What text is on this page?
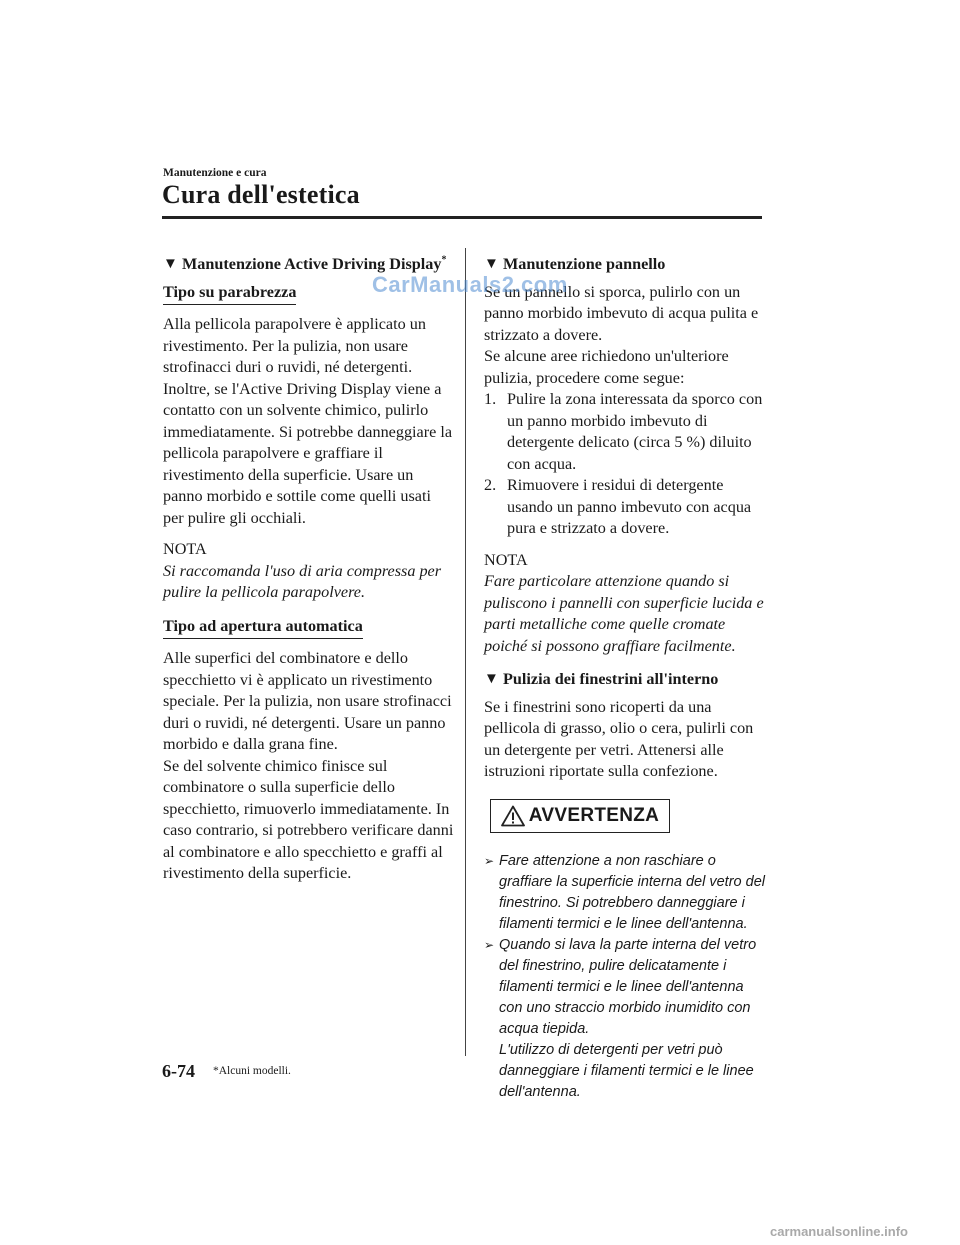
Manutenzione e cura
Cura dell'estetica
▼ Manutenzione Active Driving Display*
Tipo su parabrezza

Alla pellicola parapolvere è applicato un rivestimento. Per la pulizia, non usare strofinacci duri o ruvidi, né detergenti. Inoltre, se l'Active Driving Display viene a contatto con un solvente chimico, pulirlo immediatamente. Si potrebbe danneggiare la pellicola parapolvere e graffiare il rivestimento della superficie. Usare un panno morbido e sottile come quelli usati per pulire gli occhiali.

NOTA

Si raccomanda l'uso di aria compressa per pulire la pellicola parapolvere.

Tipo ad apertura automatica

Alle superfici del combinatore e dello specchietto vi è applicato un rivestimento speciale. Per la pulizia, non usare strofinacci duri o ruvidi, né detergenti. Usare un panno morbido e dalla grana fine.

Se del solvente chimico finisce sul combinatore o sulla superficie dello specchietto, rimuoverlo immediatamente. In caso contrario, si potrebbero verificare danni al combinatore e allo specchietto e graffi al rivestimento della superficie.

▼ Manutenzione pannello

Se un pannello si sporca, pulirlo con un panno morbido imbevuto di acqua pulita e strizzato a dovere.

Se alcune aree richiedono un'ulteriore pulizia, procedere come segue:

1. Pulire la zona interessata da sporco con un panno morbido imbevuto di detergente delicato (circa 5 %) diluito con acqua.
2. Rimuovere i residui di detergente usando un panno imbevuto con acqua pura e strizzato a dovere.

NOTA

Fare particolare attenzione quando si puliscono i pannelli con superficie lucida e parti metalliche come quelle cromate poiché si possono graffiare facilmente.

▼ Pulizia dei finestrini all'interno

Se i finestrini sono ricoperti da una pellicola di grasso, olio o cera, pulirli con un detergente per vetri. Attenersi alle istruzioni riportate sulla confezione.

AVVERTENZA
➢ Fare attenzione a non raschiare o graffiare la superficie interna del vetro del finestrino. Si potrebbero danneggiare i filamenti termici e le linee dell'antenna.
➢ Quando si lava la parte interna del vetro del finestrino, pulire delicatamente i filamenti termici e le linee dell'antenna con uno straccio morbido inumidito con acqua tiepida.
L'utilizzo di detergenti per vetri può danneggiare i filamenti termici e le linee dell'antenna.
6-74 *Alcuni modelli.
CarManuals2.com
carmanualsonline.info
